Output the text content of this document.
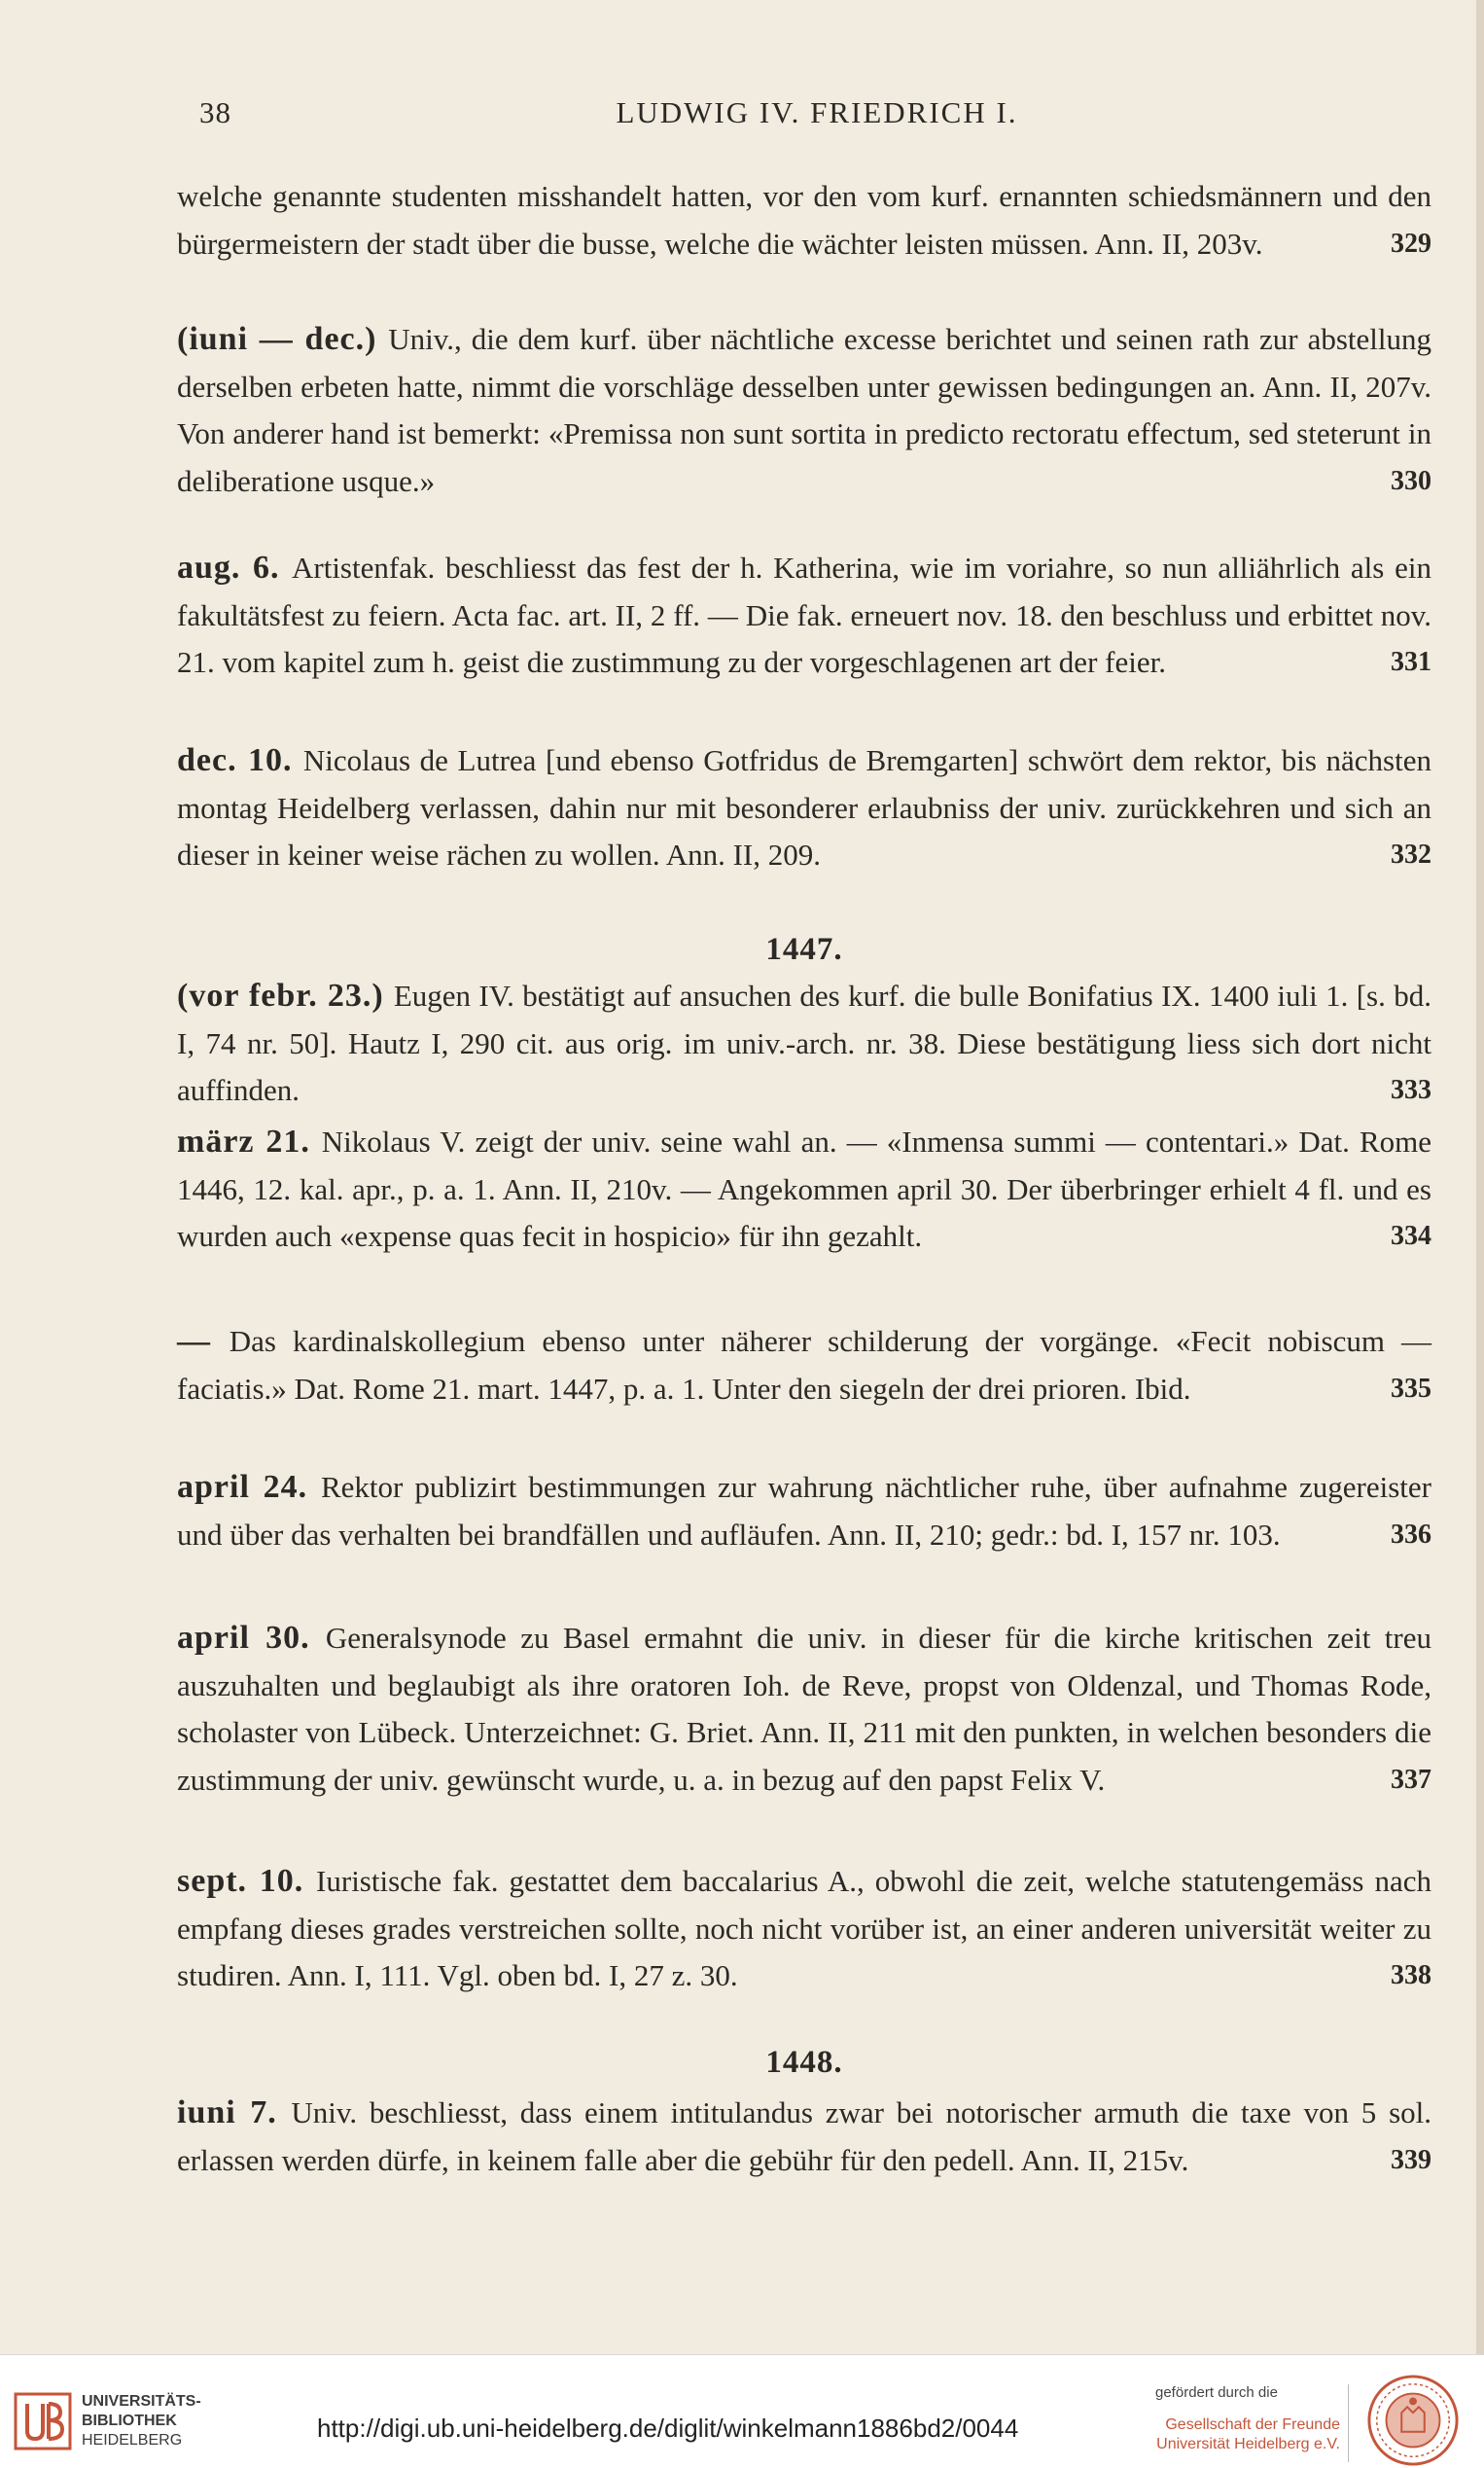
38	LUDWIG IV. FRIEDRICH I.
welche genannte studenten misshandelt hatten, vor den vom kurf. ernannten schiedsmännern und den bürgermeistern der stadt über die busse, welche die wächter leisten müssen. Ann. II, 203v.	329
(iuni — dec.) Univ., die dem kurf. über nächtliche excesse berichtet und seinen rath zur abstellung derselben erbeten hatte, nimmt die vorschläge desselben unter gewissen bedingungen an. Ann. II, 207v. Von anderer hand ist bemerkt: «Premissa non sunt sortita in predicto rectoratu effectum, sed steterunt in deliberatione usque.»	330
aug. 6. Artistenfak. beschliesst das fest der h. Katherina, wie im voriahre, so nun alliährlich als ein fakultätsfest zu feiern. Acta fac. art. II, 2 ff. — Die fak. erneuert nov. 18. den beschluss und erbittet nov. 21. vom kapitel zum h. geist die zustimmung zu der vorgeschlagenen art der feier.	331
dec. 10. Nicolaus de Lutrea [und ebenso Gotfridus de Bremgarten] schwört dem rektor, bis nächsten montag Heidelberg verlassen, dahin nur mit besonderer erlaubniss der univ. zurückkehren und sich an dieser in keiner weise rächen zu wollen. Ann. II, 209.	332
1447.
(vor febr. 23.) Eugen IV. bestätigt auf ansuchen des kurf. die bulle Bonifatius IX. 1400 iuli 1. [s. bd. I, 74 nr. 50]. Hautz I, 290 cit. aus orig. im univ.-arch. nr. 38. Diese bestätigung liess sich dort nicht auffinden.	333
märz 21. Nikolaus V. zeigt der univ. seine wahl an. — «Inmensa summi — contentari.» Dat. Rome 1446, 12. kal. apr., p. a. 1. Ann. II, 210v. — Angekommen april 30. Der überbringer erhielt 4 fl. und es wurden auch «expense quas fecit in hospicio» für ihn gezahlt.	334
— Das kardinalskollegium ebenso unter näherer schilderung der vorgänge. «Fecit nobiscum — faciatis.» Dat. Rome 21. mart. 1447, p. a. 1. Unter den siegeln der drei prioren. Ibid.	335
april 24. Rektor publizirt bestimmungen zur wahrung nächtlicher ruhe, über aufnahme zugereister und über das verhalten bei brandfällen und aufläufen. Ann. II, 210; gedr.: bd. I, 157 nr. 103.	336
april 30. Generalsynode zu Basel ermahnt die univ. in dieser für die kirche kritischen zeit treu auszuhalten und beglaubigt als ihre oratoren Ioh. de Reve, propst von Oldenzal, und Thomas Rode, scholaster von Lübeck. Unterzeichnet: G. Briet. Ann. II, 211 mit den punkten, in welchen besonders die zustimmung der univ. gewünscht wurde, u. a. in bezug auf den papst Felix V.	337
sept. 10. Iuristische fak. gestattet dem baccalarius A., obwohl die zeit, welche statutengemäss nach empfang dieses grades verstreichen sollte, noch nicht vorüber ist, an einer anderen universität weiter zu studiren. Ann. I, 111. Vgl. oben bd. I, 27 z. 30.	338
1448.
iuni 7. Univ. beschliesst, dass einem intitulandus zwar bei notorischer armuth die taxe von 5 sol. erlassen werden dürfe, in keinem falle aber die gebühr für den pedell. Ann. II, 215v.	339
UNIVERSITÄTS-
BIBLIOTHEK
HEIDELBERG	http://digi.ub.uni-heidelberg.de/diglit/winkelmann1886bd2/0044
gefördert durch die
Gesellschaft der Freunde
Universität Heidelberg e.V.
